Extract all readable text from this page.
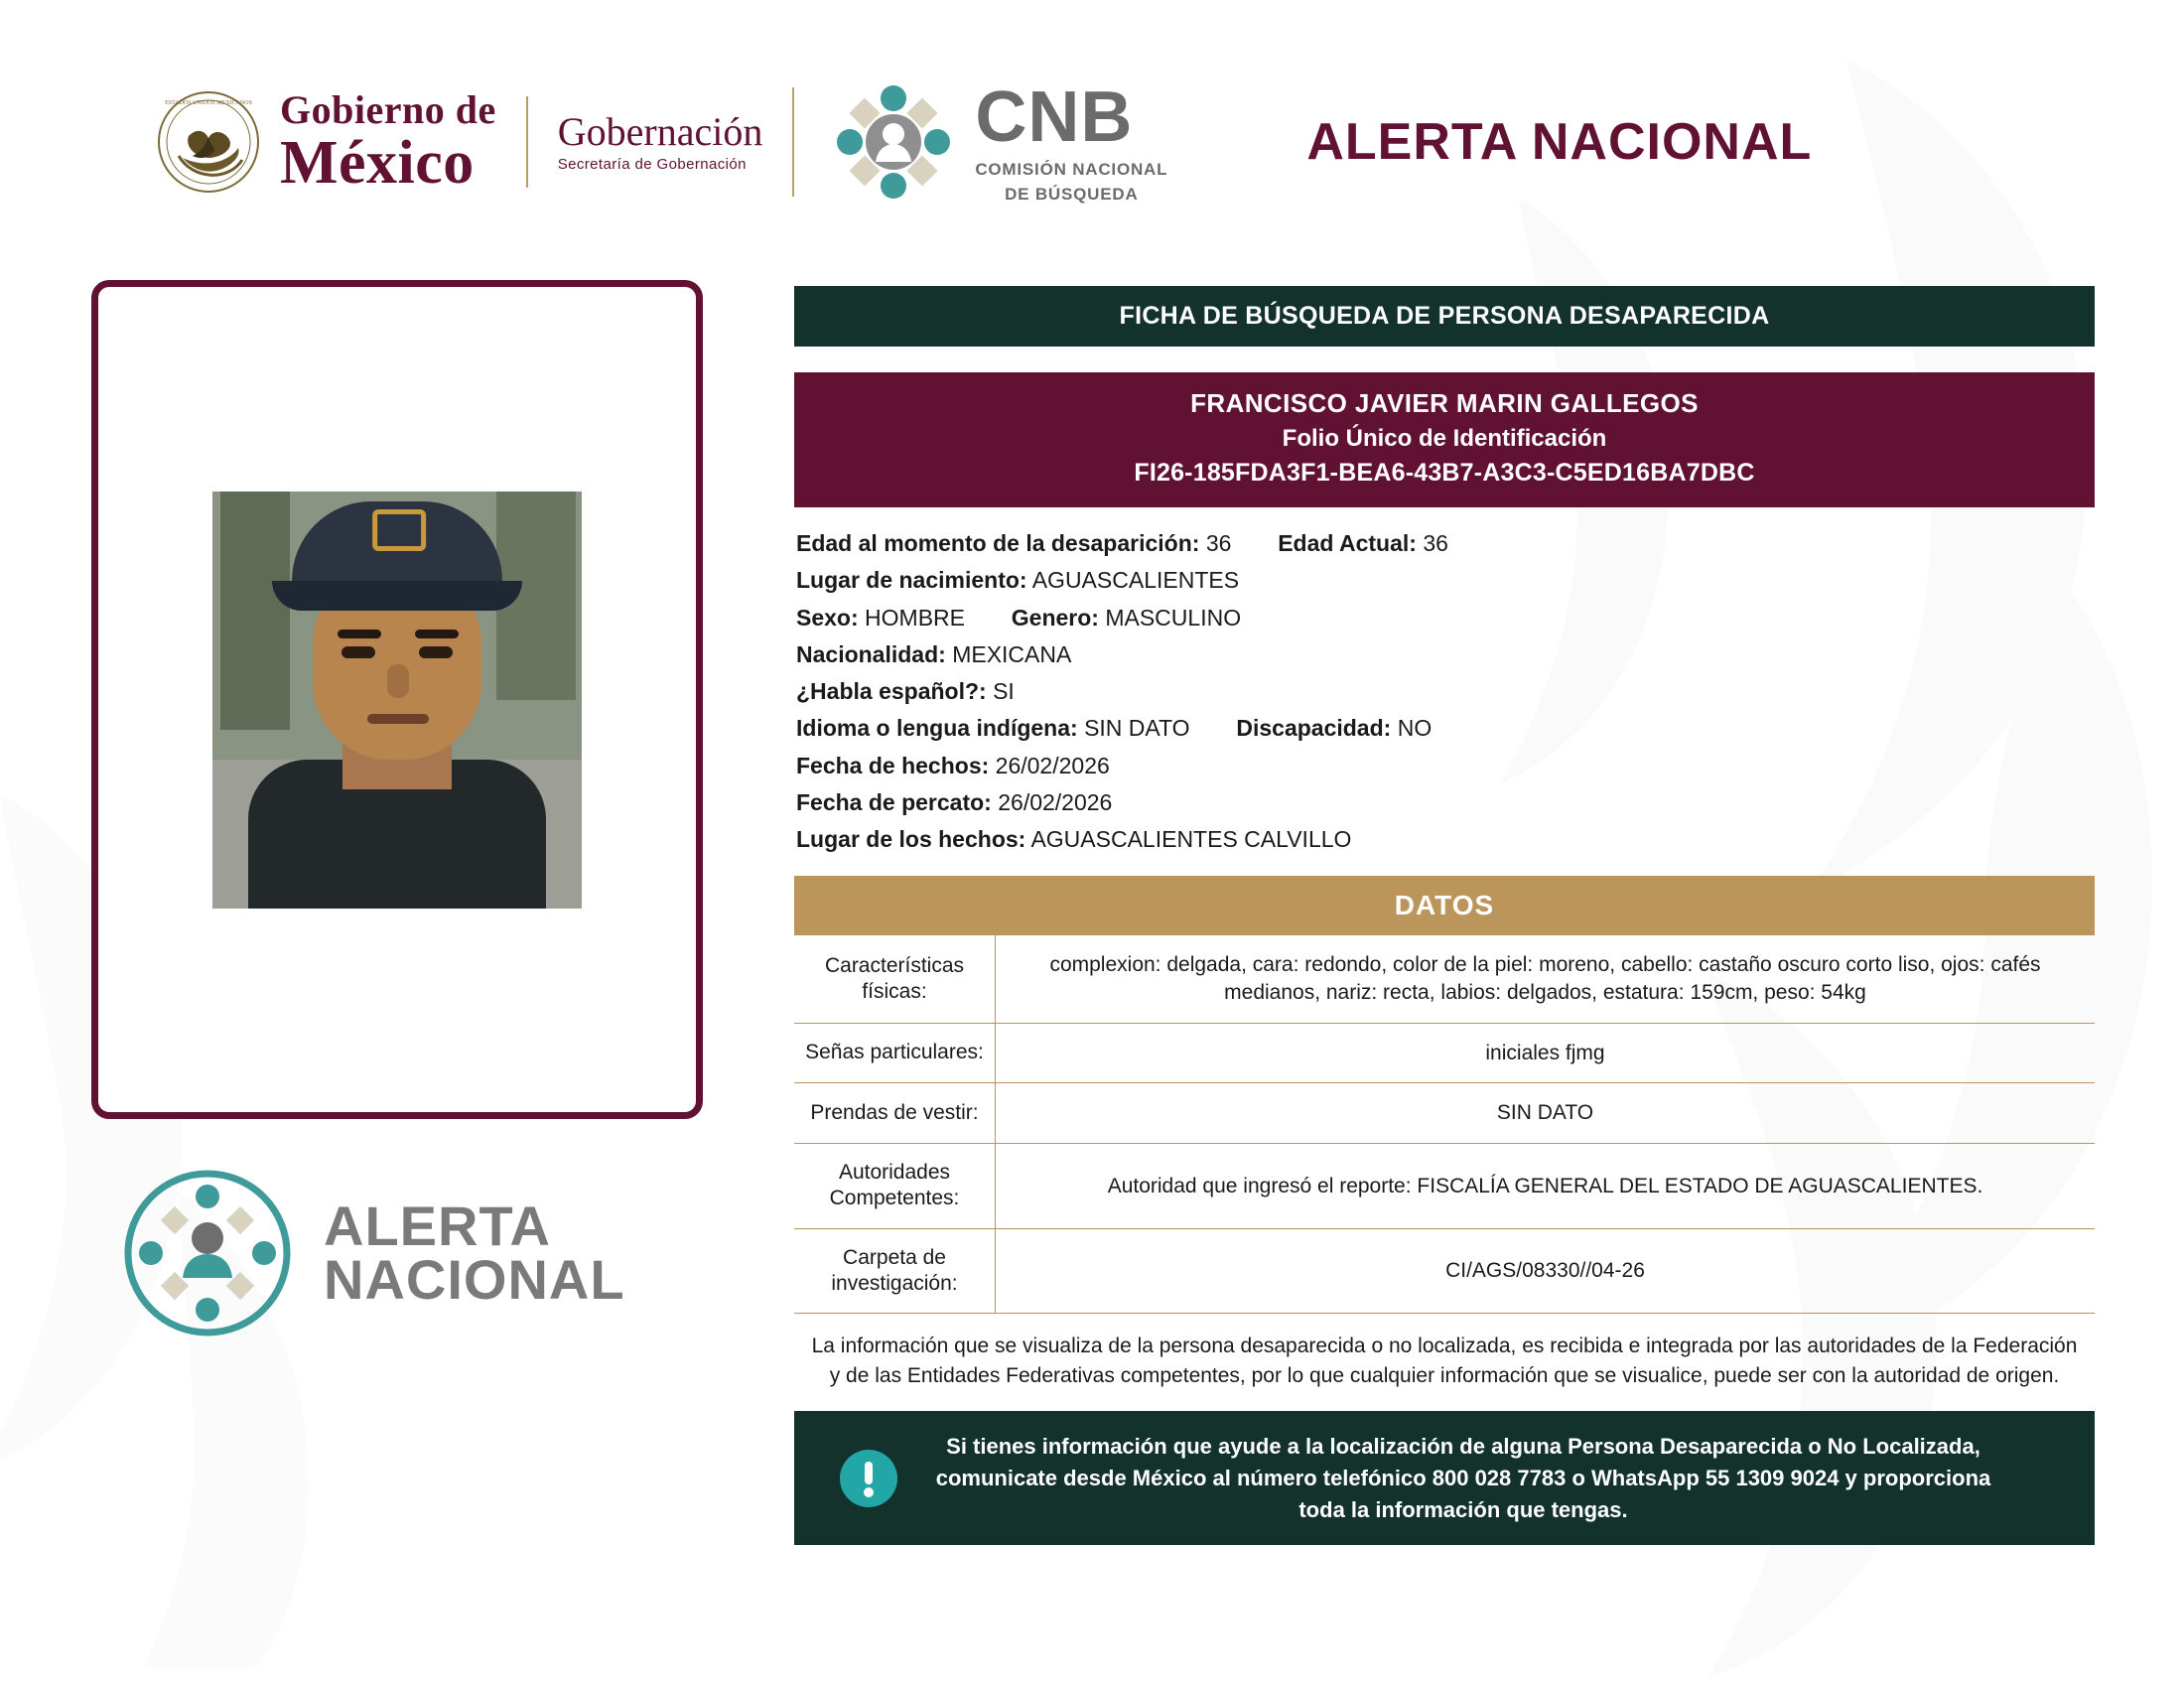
ESTADOS UNIDOS MEXICANOS Gobierno de
México	Gobernación
Secretaría de Gobernación
CNB
COMISIÓN NACIONAL
DE BÚSQUEDA
ALERTA NACIONAL
ALERTA
NACIONAL
FICHA DE BÚSQUEDA DE PERSONA DESAPARECIDA
FRANCISCO JAVIER MARIN GALLEGOS
Folio Único de Identificación
FI26-185FDA3F1-BEA6-43B7-A3C3-C5ED16BA7DBC
Edad al momento de la desaparición: 36 Edad Actual: 36
Lugar de nacimiento: AGUASCALIENTES
Sexo: HOMBRE Genero: MASCULINO
Nacionalidad: MEXICANA
¿Habla español?: SI
Idioma o lengua indígena: SIN DATO Discapacidad: NO
Fecha de hechos: 26/02/2026
Fecha de percato: 26/02/2026
Lugar de los hechos: AGUASCALIENTES CALVILLO
DATOS
Características físicas:	complexion: delgada, cara: redondo, color de la piel: moreno, cabello: castaño oscuro corto liso, ojos: cafés medianos, nariz: recta, labios: delgados, estatura: 159cm, peso: 54kg
Señas particulares:	iniciales fjmg
Prendas de vestir:	SIN DATO
Autoridades Competentes:	Autoridad que ingresó el reporte: FISCALÍA GENERAL DEL ESTADO DE AGUASCALIENTES.
Carpeta de investigación:	CI/AGS/08330//04-26
La información que se visualiza de la persona desaparecida o no localizada, es recibida e integrada por las autoridades de la Federación y de las Entidades Federativas competentes, por lo que cualquier información que se visualice, puede ser con la autoridad de origen.
Si tienes información que ayude a la localización de alguna Persona Desaparecida o No Localizada, comunicate desde México al número telefónico 800 028 7783 o WhatsApp 55 1309 9024 y proporciona toda la información que tengas.
